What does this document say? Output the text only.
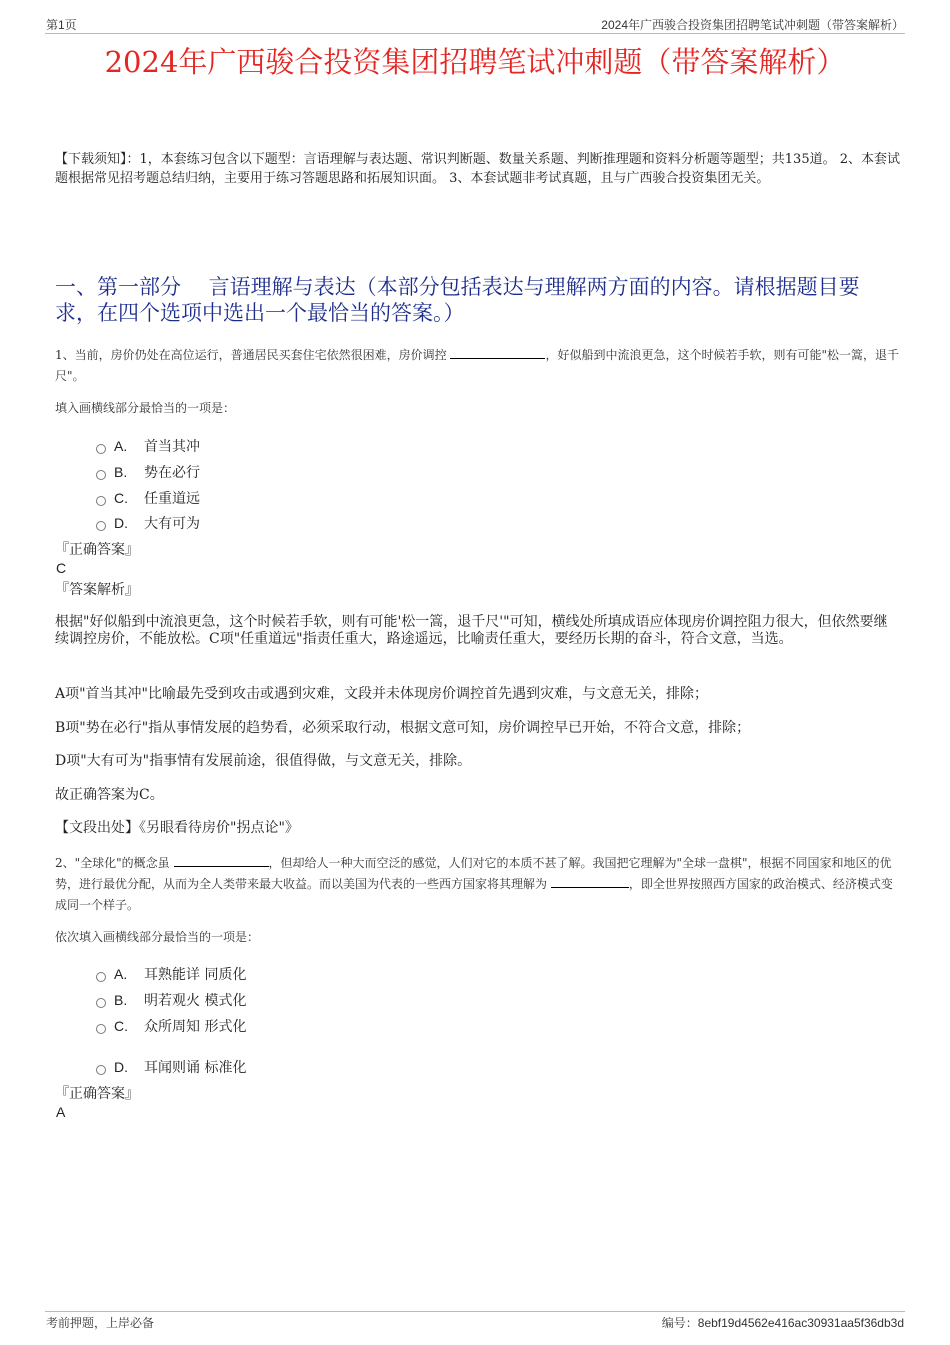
第1页	2024年广西骏合投资集团招聘笔试冲刺题（带答案解析）
2024年广西骏合投资集团招聘笔试冲刺题（带答案解析）
【下载须知】：1，本套练习包含以下题型：言语理解与表达题、常识判断题、数量关系题、判断推理题和资料分析题等题型；共135道。 2、本套试题根据常见招考题总结归纳，主要用于练习答题思路和拓展知识面。 3、本套试题非考试真题，且与广西骏合投资集团无关。
一、第一部分　 言语理解与表达（本部分包括表达与理解两方面的内容。请根据题目要求，在四个选项中选出一个最恰当的答案。）
1、当前，房价仍处在高位运行，普通居民买套住宅依然很困难，房价调控	，好似船到中流浪更急，这个时候若手软，则有可能"松一篙，退千尺"。
填入画横线部分最恰当的一项是：
A. 首当其冲
B. 势在必行
C. 任重道远
D. 大有可为
『正确答案』
C
『答案解析』
根据"好似船到中流浪更急，这个时候若手软，则有可能'松一篙，退千尺'"可知，横线处所填成语应体现房价调控阻力很大，但依然要继续调控房价，不能放松。C项"任重道远"指责任重大，路途遥远，比喻责任重大，要经历长期的奋斗，符合文意，当选。
A项"首当其冲"比喻最先受到攻击或遇到灾难，文段并未体现房价调控首先遇到灾难，与文意无关，排除；
B项"势在必行"指从事情发展的趋势看，必须采取行动，根据文意可知，房价调控早已开始，不符合文意，排除；
D项"大有可为"指事情有发展前途，很值得做，与文意无关，排除。
故正确答案为C。
【文段出处】《另眼看待房价"拐点论"》
2、"全球化"的概念虽	，但却给人一种大而空泛的感觉，人们对它的本质不甚了解。我国把它理解为"全球一盘棋"，根据不同国家和地区的优势，进行最优分配，从而为全人类带来最大收益。而以美国为代表的一些西方国家将其理解为	，即全世界按照西方国家的政治模式、经济模式变成同一个样子。
依次填入画横线部分最恰当的一项是：
A. 耳熟能详 同质化
B. 明若观火 模式化
C. 众所周知 形式化
D. 耳闻则诵 标准化
『正确答案』
A
考前押题，上岸必备	编号：8ebf19d4562e416ac30931aa5f36db3d
